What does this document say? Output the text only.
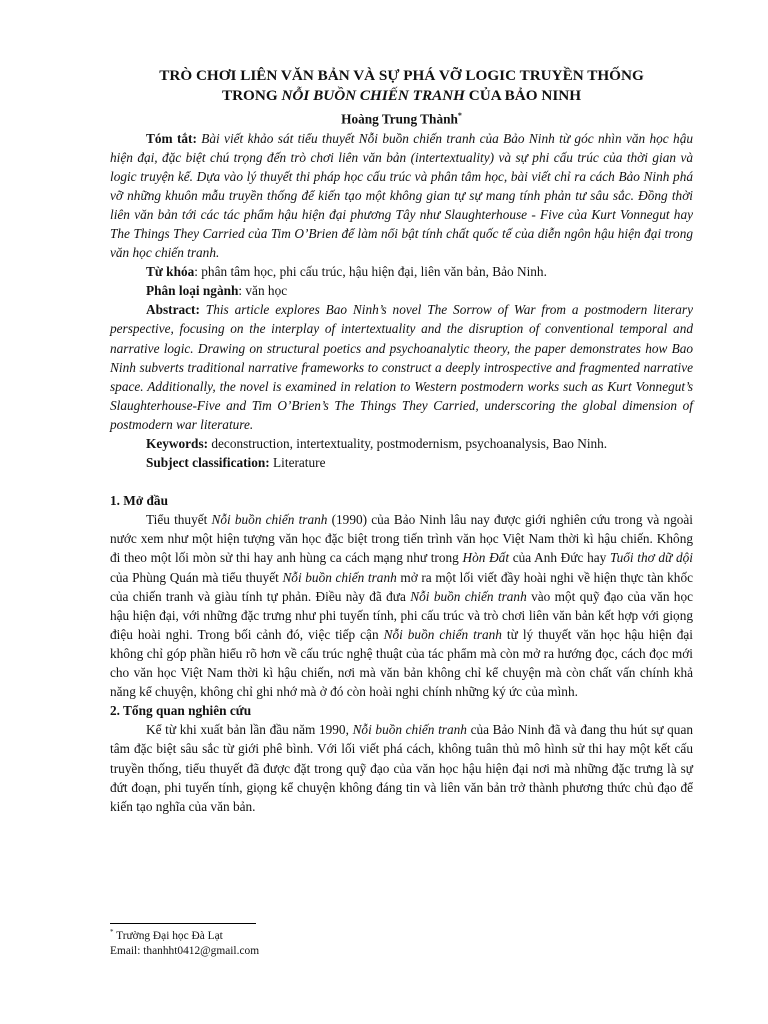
TRÒ CHƠI LIÊN VĂN BẢN VÀ SỰ PHÁ VỠ LOGIC TRUYỀN THỐNG
TRONG NỖI BUỒN CHIẾN TRANH CỦA BẢO NINH
Hoàng Trung Thành*

Tóm tắt: Bài viết khảo sát tiểu thuyết Nỗi buồn chiến tranh của Bảo Ninh từ góc nhìn văn học hậu hiện đại, đặc biệt chú trọng đến trò chơi liên văn bản (intertextuality) và sự phi cấu trúc của thời gian và logic truyện kể. Dựa vào lý thuyết thi pháp học cấu trúc và phân tâm học, bài viết chỉ ra cách Bảo Ninh phá vỡ những khuôn mẫu truyền thống để kiến tạo một không gian tự sự mang tính phản tư sâu sắc. Đồng thời liên văn bản tới các tác phẩm hậu hiện đại phương Tây như Slaughterhouse - Five của Kurt Vonnegut hay The Things They Carried của Tim O’Brien để làm nổi bật tính chất quốc tế của diễn ngôn hậu hiện đại trong văn học chiến tranh.

Từ khóa: phân tâm học, phi cấu trúc, hậu hiện đại, liên văn bản, Bảo Ninh.

Phân loại ngành: văn học

Abstract: This article explores Bao Ninh’s novel The Sorrow of War from a postmodern literary perspective, focusing on the interplay of intertextuality and the disruption of conventional temporal and narrative logic. Drawing on structural poetics and psychoanalytic theory, the paper demonstrates how Bao Ninh subverts traditional narrative frameworks to construct a deeply introspective and fragmented narrative space. Additionally, the novel is examined in relation to Western postmodern works such as Kurt Vonnegut’s Slaughterhouse-Five and Tim O’Brien’s The Things They Carried, underscoring the global dimension of postmodern war literature.

Keywords: deconstruction, intertextuality, postmodernism, psychoanalysis, Bao Ninh.

Subject classification: Literature

1. Mở đầu

Tiểu thuyết Nỗi buồn chiến tranh (1990) của Bảo Ninh lâu nay được giới nghiên cứu trong và ngoài nước xem như một hiện tượng văn học đặc biệt trong tiến trình văn học Việt Nam thời kì hậu chiến. Không đi theo một lối mòn sử thi hay anh hùng ca cách mạng như trong Hòn Đất của Anh Đức hay Tuổi thơ dữ dội của Phùng Quán mà tiểu thuyết Nỗi buồn chiến tranh mở ra một lối viết đầy hoài nghi về hiện thực tàn khốc của chiến tranh và giàu tính tự phản. Điều này đã đưa Nỗi buồn chiến tranh vào một quỹ đạo của văn học hậu hiện đại, với những đặc trưng như phi tuyến tính, phi cấu trúc và trò chơi liên văn bản kết hợp với giọng điệu hoài nghi. Trong bối cảnh đó, việc tiếp cận Nỗi buồn chiến tranh từ lý thuyết văn học hậu hiện đại không chỉ góp phần hiểu rõ hơn về cấu trúc nghệ thuật của tác phẩm mà còn mở ra hướng đọc, cách đọc mới cho văn học Việt Nam thời kì hậu chiến, nơi mà văn bản không chỉ kể chuyện mà còn chất vấn chính khả năng kể chuyện, không chỉ ghi nhớ mà ở đó còn hoài nghi chính những ký ức của mình.

2. Tổng quan nghiên cứu

Kể từ khi xuất bản lần đầu năm 1990, Nỗi buồn chiến tranh của Bảo Ninh đã và đang thu hút sự quan tâm đặc biệt sâu sắc từ giới phê bình. Với lối viết phá cách, không tuân thủ mô hình sử thi hay một kết cấu truyền thống, tiểu thuyết đã được đặt trong quỹ đạo của văn học hậu hiện đại nơi mà những đặc trưng là sự đứt đoạn, phi tuyến tính, giọng kể chuyện không đáng tin và liên văn bản trở thành phương thức chủ đạo để kiến tạo nghĩa của văn bản.

* Trường Đại học Đà Lạt
Email: thanhht0412@gmail.com
